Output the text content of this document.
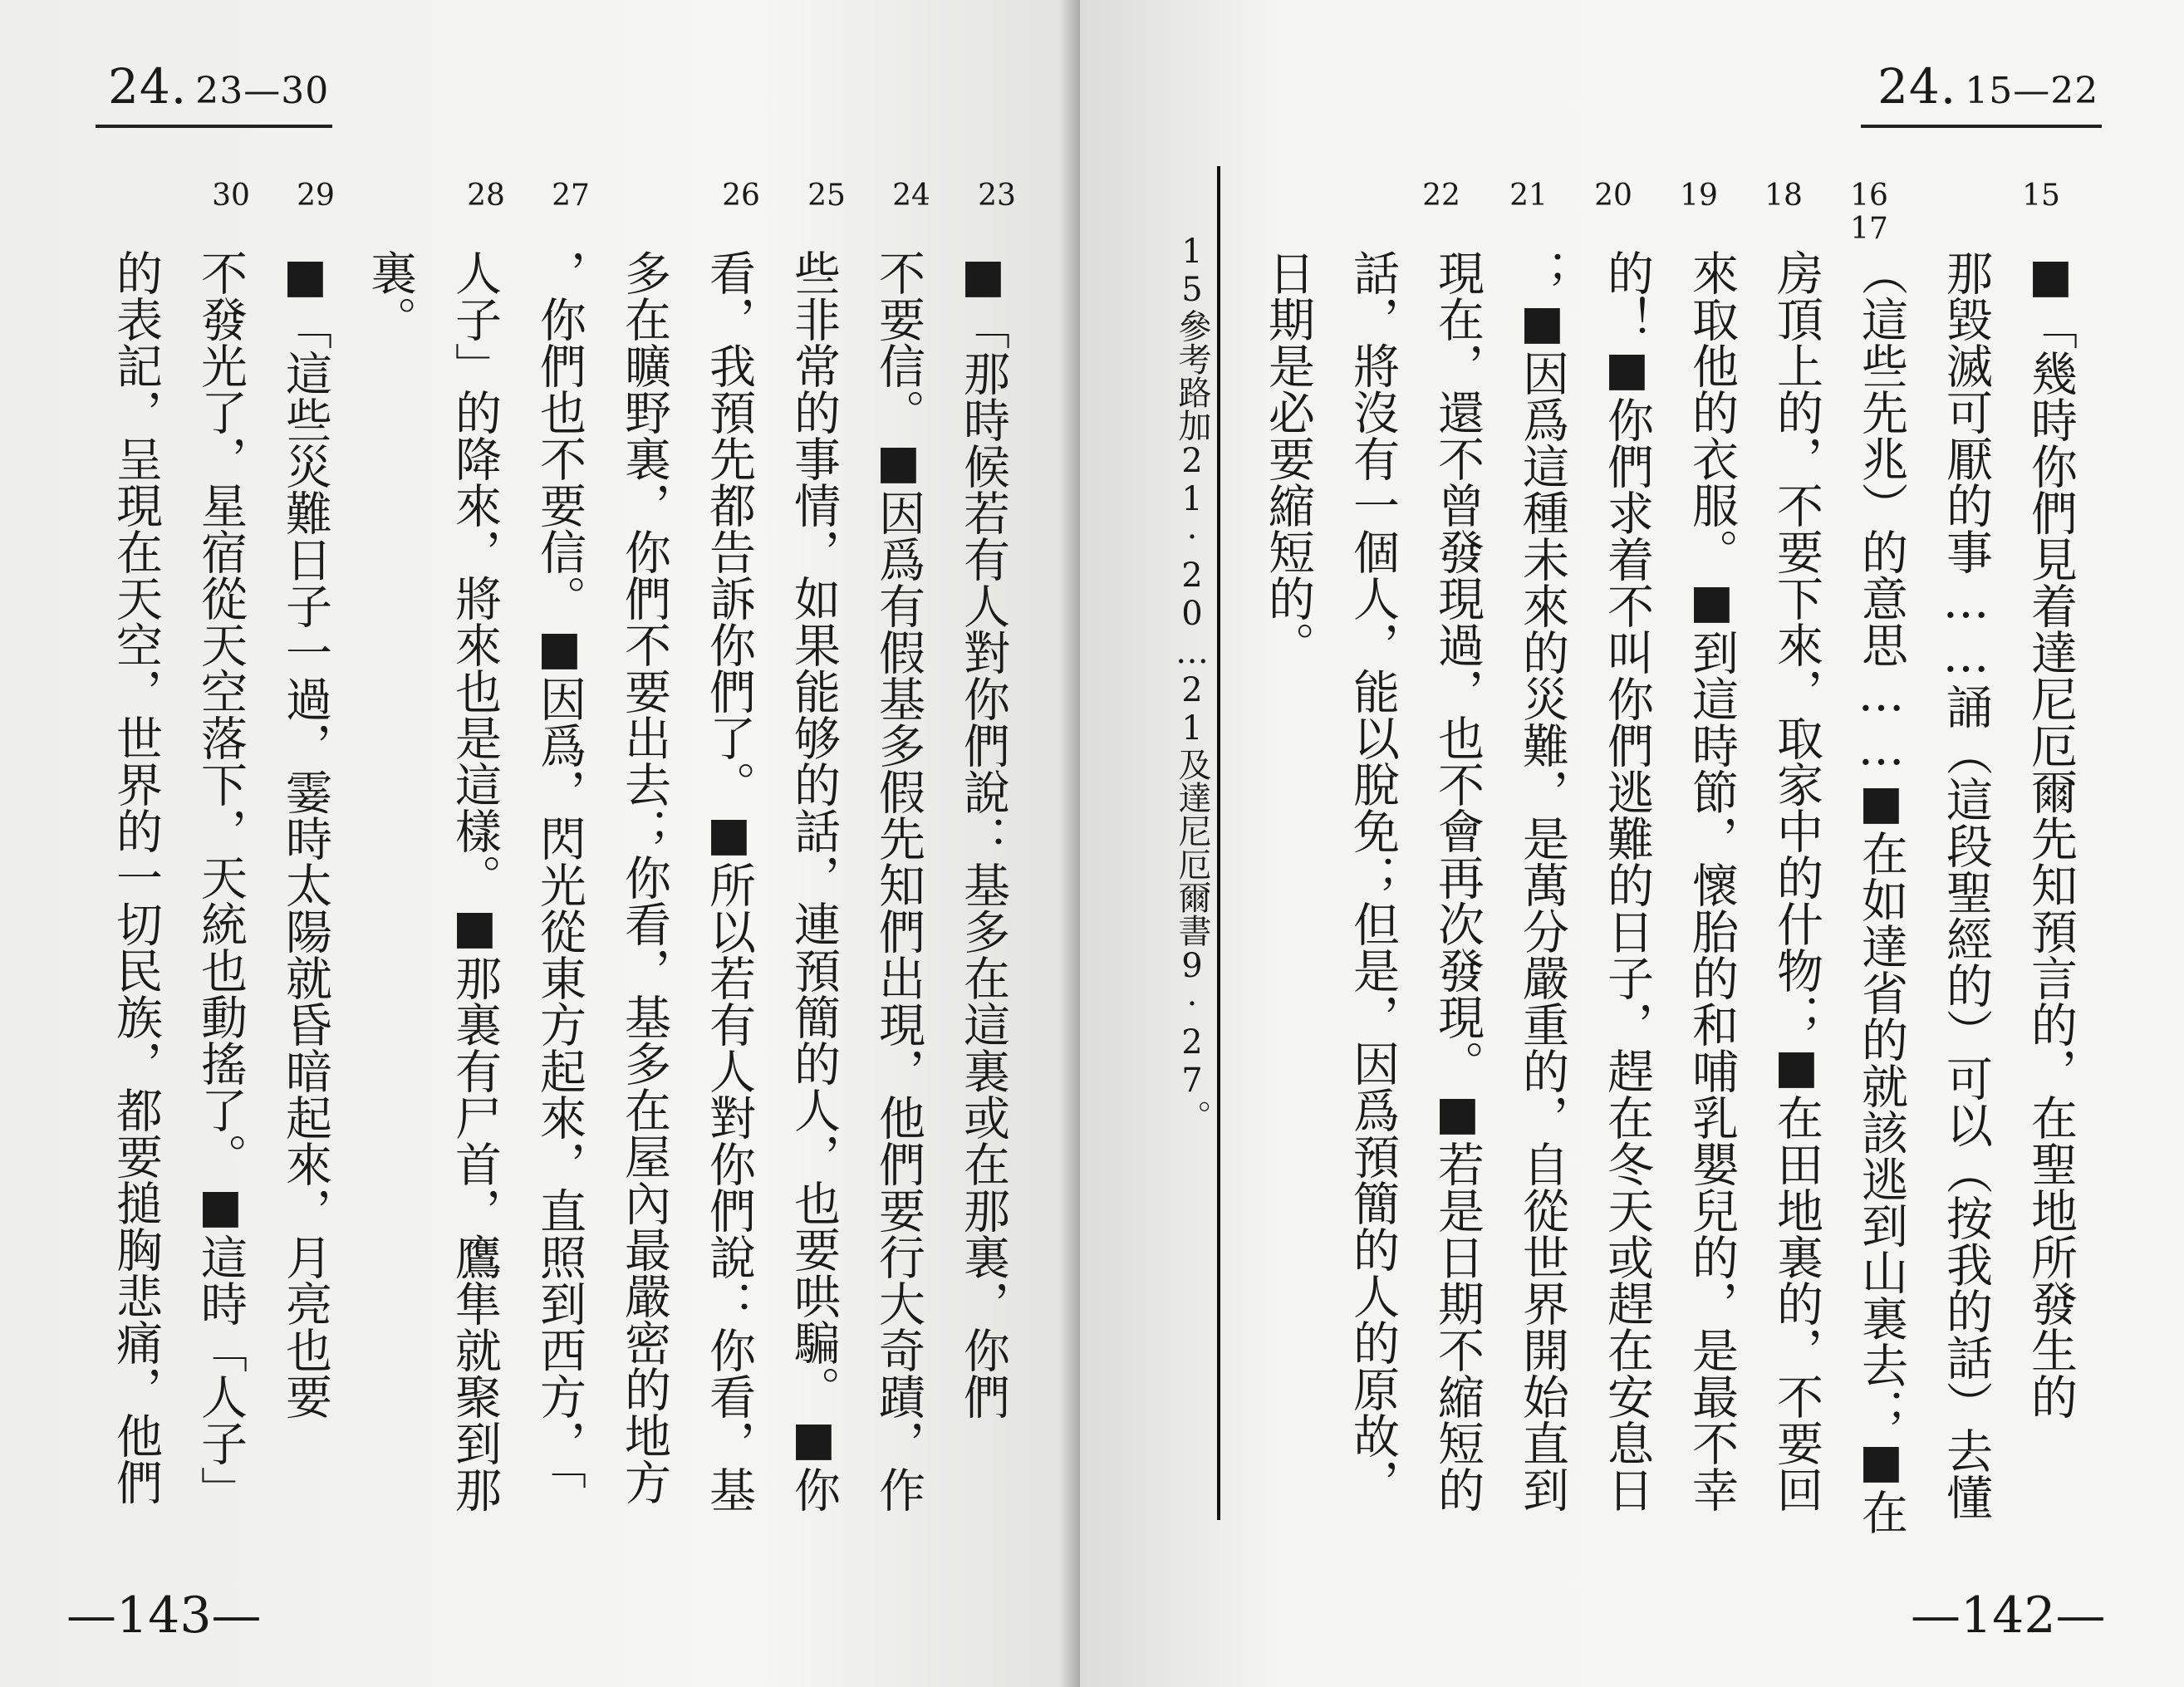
24. 23—30
30 29	28 27	26 25 24 23
■「那時候若有人對你們說：基多在這裏或在那裏，你們
不要信。■因爲有假基多假先知們出現，他們要行大奇蹟，作
些非常的事情，如果能够的話，連預簡的人，也要哄騙。■你
看，我預先都告訴你們了。■所以若有人對你們說：你看，基
多在曠野裏，你們不要出去；你看，基多在屋內最嚴密的地方
，你們也不要信。■因爲，閃光從東方起來，直照到西方，「
人子」的降來，將來也是這樣。■那裏有尸首，鷹隼就聚到那
裏。
■「這些災難日子一過，霎時太陽就昏暗起來，月亮也要
不發光了，星宿從天空落下，天統也動搖了。■這時「人子」
的表記，呈現在天空，世界的一切民族，都要搥胸悲痛，他們
—143—
24. 15—22
22 21 20 19 18 16
17
15
■「幾時你們見着達尼厄爾先知預言的，在聖地所發生的
那毀滅可厭的事……誦（這段聖經的）可以（按我的話）去懂
（這些先兆）的意思……■在如達省的就該逃到山裏去；■在
房頂上的，不要下來，取家中的什物；■在田地裏的，不要回
來取他的衣服。■到這時節，懷胎的和哺乳嬰兒的，是最不幸
的！■你們求着不叫你們逃難的日子，趕在冬天或趕在安息日
；■因爲這種未來的災難，是萬分嚴重的，自從世界開始直到
現在，還不曾發現過，也不會再次發現。■若是日期不縮短的
話，將沒有一個人，能以脫免；但是，因爲預簡的人的原故，
日期是必要縮短的。
—142—
15參考路加21·20…21及達尼厄爾書9·27。
